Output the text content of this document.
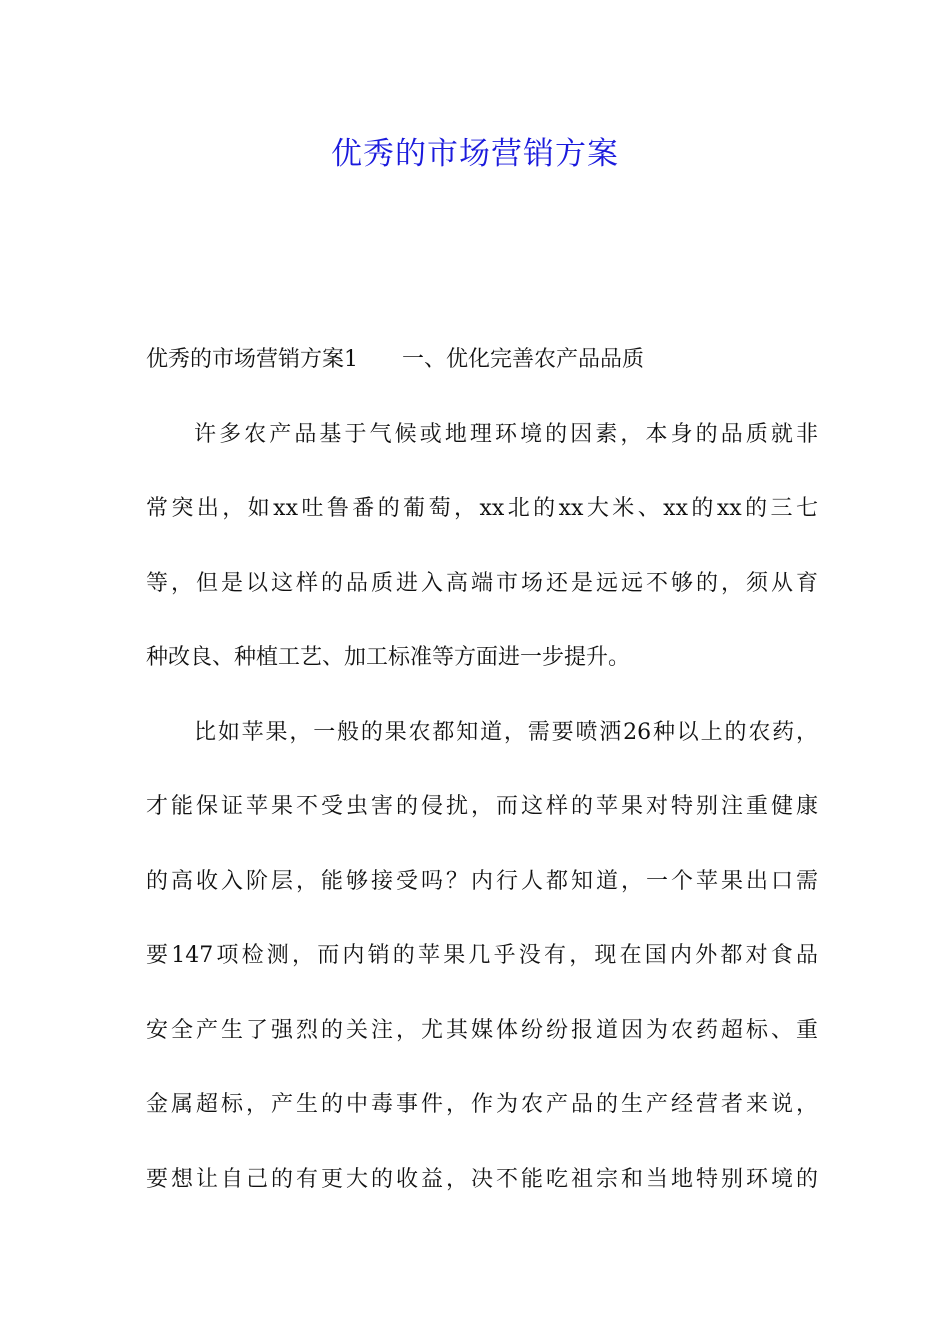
优秀的市场营销方案
优秀的市场营销方案1　　一、优化完善农产品品质
许多农产品基于气候或地理环境的因素，本身的品质就非
常突出，如xx吐鲁番的葡萄，xx北的xx大米、xx的xx的三七
等，但是以这样的品质进入高端市场还是远远不够的，须从育
种改良、种植工艺、加工标准等方面进一步提升。
比如苹果，一般的果农都知道，需要喷洒26种以上的农药，
才能保证苹果不受虫害的侵扰，而这样的苹果对特别注重健康
的高收入阶层，能够接受吗？内行人都知道，一个苹果出口需
要147项检测，而内销的苹果几乎没有，现在国内外都对食品
安全产生了强烈的关注，尤其媒体纷纷报道因为农药超标、重
金属超标，产生的中毒事件，作为农产品的生产经营者来说，
要想让自己的有更大的收益，决不能吃祖宗和当地特别环境的
